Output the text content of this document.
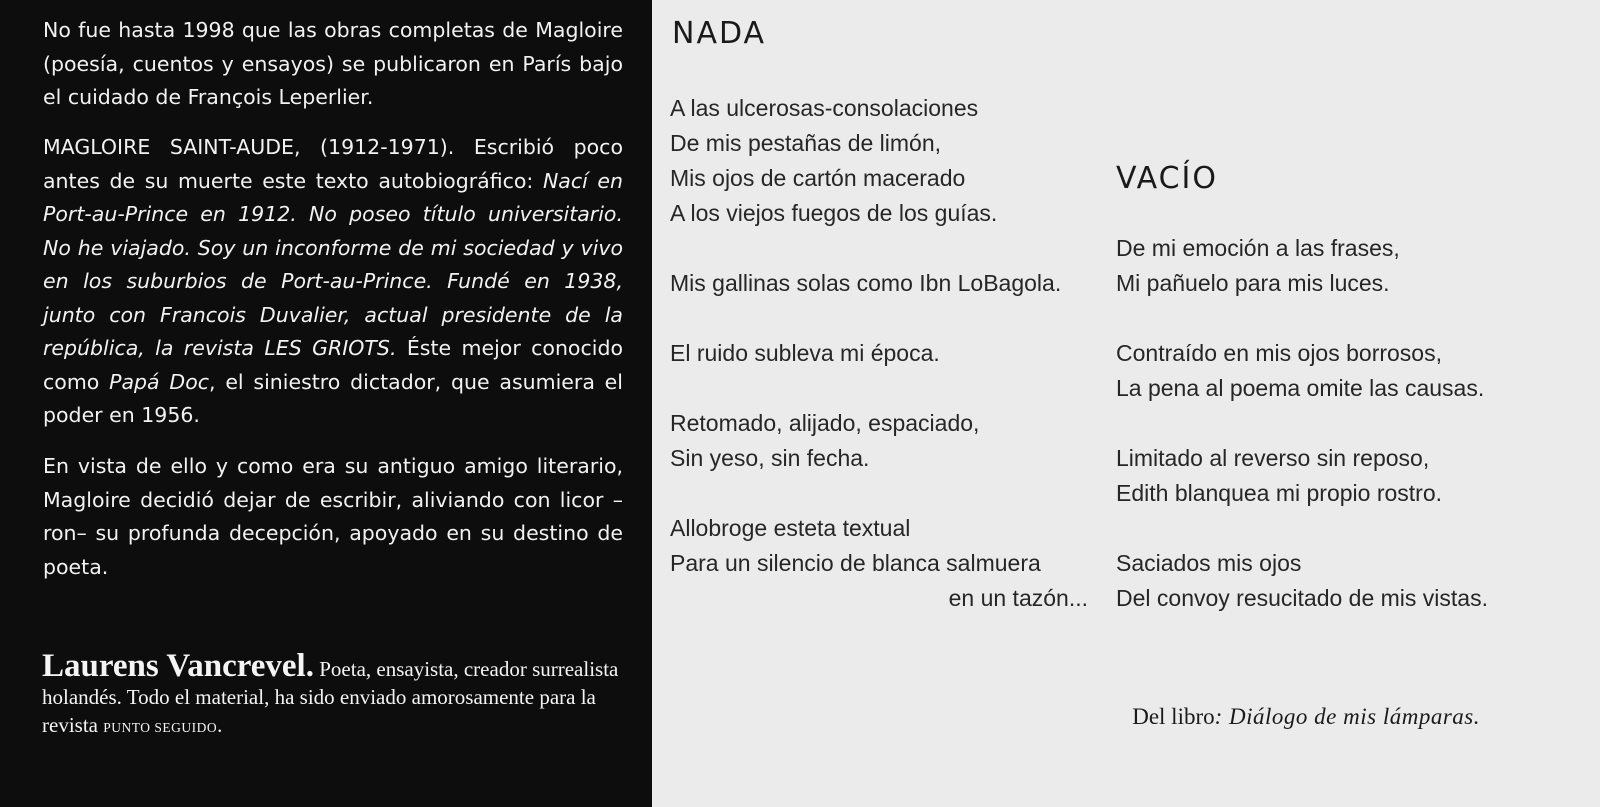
No fue hasta 1998 que las obras completas de Magloire (poesía, cuentos y ensayos) se publicaron en París bajo el cuidado de François Leperlier.

MAGLOIRE SAINT-AUDE, (1912-1971). Escribió poco antes de su muerte este texto autobiográfico: Nací en Port-au-Prince en 1912. No poseo título universitario. No he viajado. Soy un inconforme de mi sociedad y vivo en los suburbios de Port-au-Prince. Fundé en 1938, junto con Francois Duvalier, actual presidente de la república, la revista LES GRIOTS. Éste mejor conocido como Papá Doc, el siniestro dictador, que asumiera el poder en 1956.

En vista de ello y como era su antiguo amigo literario, Magloire decidió dejar de escribir, aliviando con licor –ron– su profunda decepción, apoyado en su destino de poeta.

Laurens Vancrevel. Poeta, ensayista, creador surrealista holandés. Todo el material, ha sido enviado amorosamente para la revista PUNTO SEGUIDO.

NADA
A las ulcerosas-consolaciones
De mis pestañas de limón,
Mis ojos de cartón macerado
A los viejos fuegos de los guías.
Mis gallinas solas como Ibn LoBagola.
El ruido subleva mi época.
Retomado, alijado, espaciado,
Sin yeso, sin fecha.
Allobroge esteta textual
Para un silencio de blanca salmuera
en un tazón...
VACÍO
De mi emoción a las frases,
Mi pañuelo para mis luces.
Contraído en mis ojos borrosos,
La pena al poema omite las causas.
Limitado al reverso sin reposo,
Edith blanquea mi propio rostro.
Saciados mis ojos
Del convoy resucitado de mis vistas.
Del libro: Diálogo de mis lámparas.
